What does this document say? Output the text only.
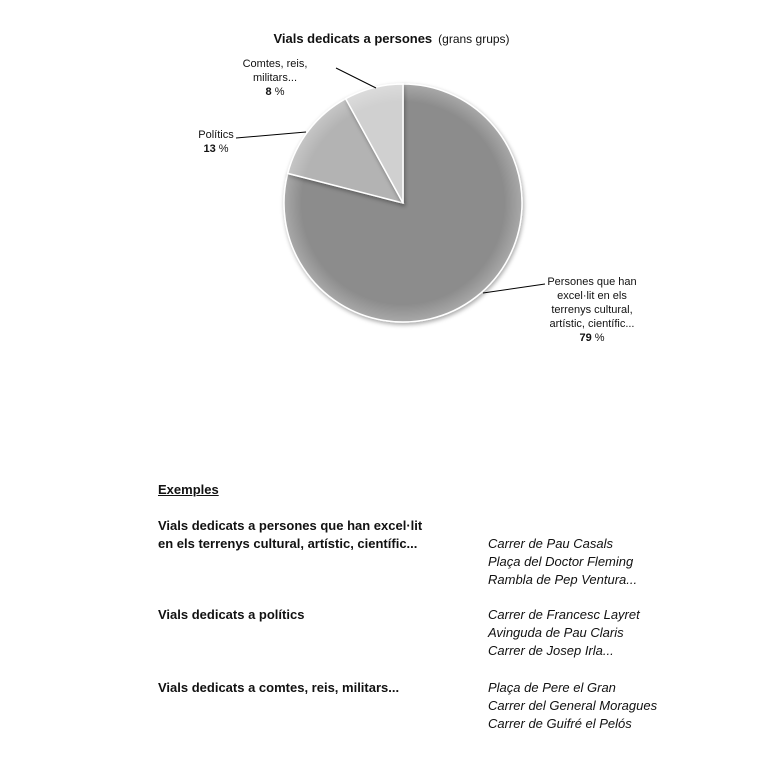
Vials dedicats a persones (grans grups)
Persones que han
excel·lit en els
terrenys cultural,
artístic, científic...
79 %
Polítics
13 %
Comtes, reis,
militars...
8 %
Exemples
Vials dedicats a persones que han excel·lit
en els terrenys cultural, artístic, científic...	Carrer de Pau Casals
Plaça del Doctor Fleming
Rambla de Pep Ventura...
Vials dedicats a polítics	Carrer de Francesc Layret
Avinguda de Pau Claris
Carrer de Josep Irla...
Vials dedicats a comtes, reis, militars...	Plaça de Pere el Gran
Carrer del General Moragues
Carrer de Guifré el Pelós
